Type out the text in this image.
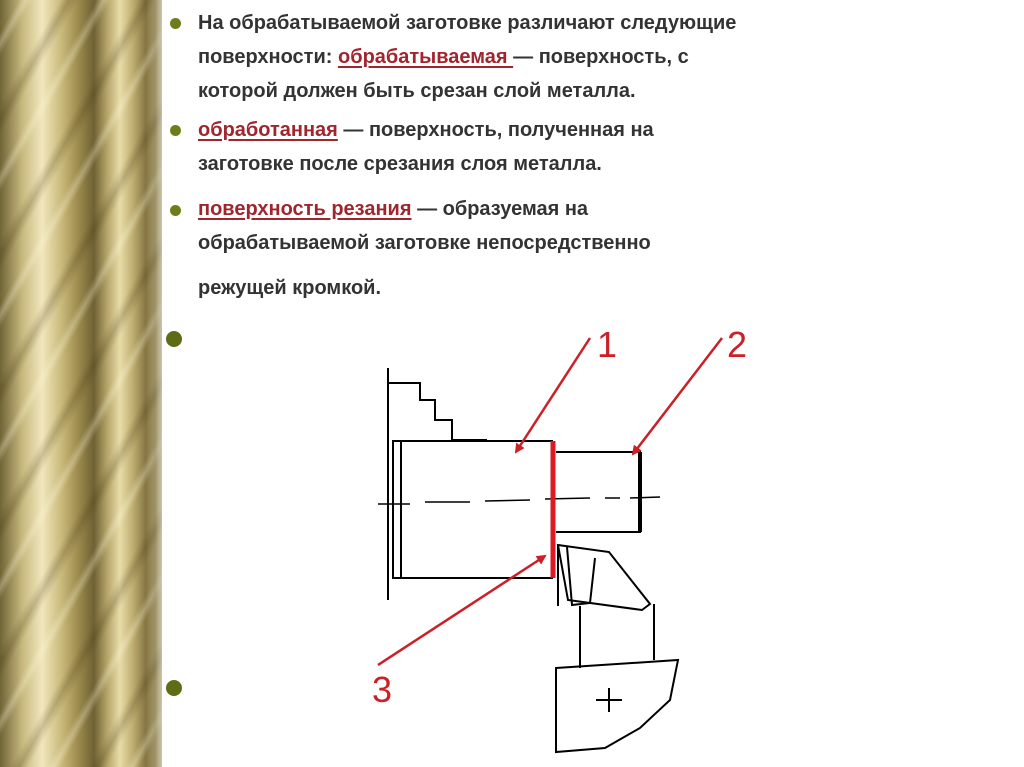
На обрабатываемой заготовке различают следующие
поверхности: обрабатываемая — поверхность, с
которой должен быть срезан слой металла.
обработанная — поверхность, полученная на
заготовке после срезания слоя металла.
поверхность резания — образуемая на
обрабатываемой заготовке непосредственно
режущей кромкой.
1	2
3
